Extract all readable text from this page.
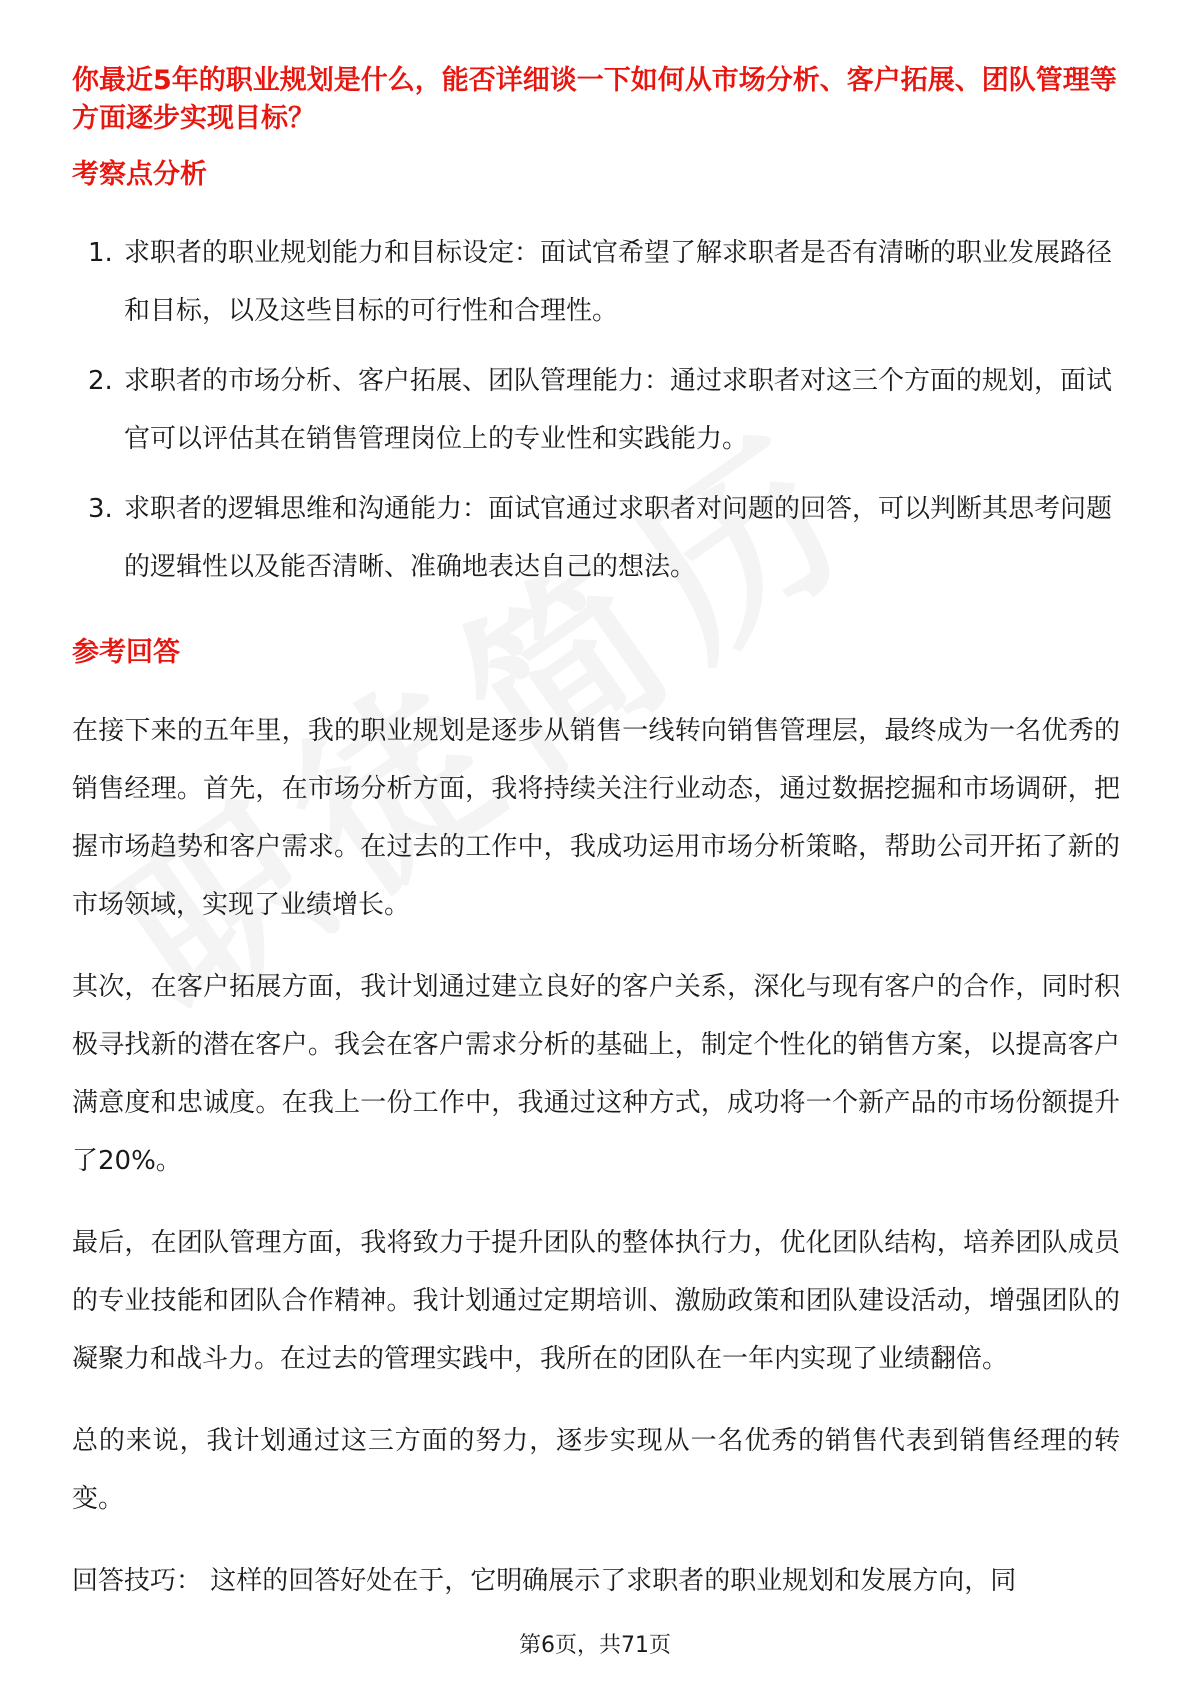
你最近5年的职业规划是什么，能否详细谈一下如何从市场分析、客户拓展、团队管理等方面逐步实现目标？

考察点分析

1. 求职者的职业规划能力和目标设定：面试官希望了解求职者是否有清晰的职业发展路径和目标，以及这些目标的可行性和合理性。
2. 求职者的市场分析、客户拓展、团队管理能力：通过求职者对这三个方面的规划，面试官可以评估其在销售管理岗位上的专业性和实践能力。
3. 求职者的逻辑思维和沟通能力：面试官通过求职者对问题的回答，可以判断其思考问题的逻辑性以及能否清晰、准确地表达自己的想法。

参考回答

在接下来的五年里，我的职业规划是逐步从销售一线转向销售管理层，最终成为一名优秀的销售经理。首先，在市场分析方面，我将持续关注行业动态，通过数据挖掘和市场调研，把握市场趋势和客户需求。在过去的工作中，我成功运用市场分析策略，帮助公司开拓了新的市场领域，实现了业绩增长。

其次，在客户拓展方面，我计划通过建立良好的客户关系，深化与现有客户的合作，同时积极寻找新的潜在客户。我会在客户需求分析的基础上，制定个性化的销售方案，以提高客户满意度和忠诚度。在我上一份工作中，我通过这种方式，成功将一个新产品的市场份额提升了20%。

最后，在团队管理方面，我将致力于提升团队的整体执行力，优化团队结构，培养团队成员的专业技能和团队合作精神。我计划通过定期培训、激励政策和团队建设活动，增强团队的凝聚力和战斗力。在过去的管理实践中，我所在的团队在一年内实现了业绩翻倍。

总的来说，我计划通过这三方面的努力，逐步实现从一名优秀的销售代表到销售经理的转变。

回答技巧： 这样的回答好处在于，它明确展示了求职者的职业规划和发展方向，同

第6页，共71页
